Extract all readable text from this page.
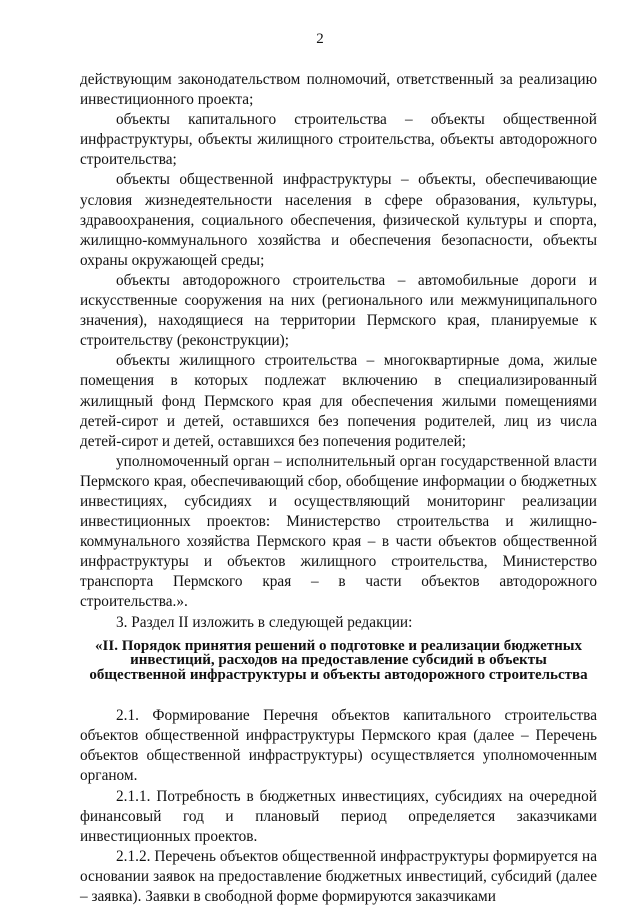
2

действующим законодательством полномочий, ответственный за реализацию инвестиционного проекта;

объекты капитального строительства – объекты общественной инфраструктуры, объекты жилищного строительства, объекты автодорожного строительства;

объекты общественной инфраструктуры – объекты, обеспечивающие условия жизнедеятельности населения в сфере образования, культуры, здравоохранения, социального обеспечения, физической культуры и спорта, жилищно-коммунального хозяйства и обеспечения безопасности, объекты охраны окружающей среды;

объекты автодорожного строительства – автомобильные дороги и искусственные сооружения на них (регионального или межмуниципального значения), находящиеся на территории Пермского края, планируемые к строительству (реконструкции);

объекты жилищного строительства – многоквартирные дома, жилые помещения в которых подлежат включению в специализированный жилищный фонд Пермского края для обеспечения жилыми помещениями детей-сирот и детей, оставшихся без попечения родителей, лиц из числа детей-сирот и детей, оставшихся без попечения родителей;

уполномоченный орган – исполнительный орган государственной власти Пермского края, обеспечивающий сбор, обобщение информации о бюджетных инвестициях, субсидиях и осуществляющий мониторинг реализации инвестиционных проектов: Министерство строительства и жилищно-коммунального хозяйства Пермского края – в части объектов общественной инфраструктуры и объектов жилищного строительства, Министерство транспорта Пермского края – в части объектов автодорожного строительства.».

3. Раздел II изложить в следующей редакции:

«II. Порядок принятия решений о подготовке и реализации бюджетных инвестиций, расходов на предоставление субсидий в объекты общественной инфраструктуры и объекты автодорожного строительства

2.1. Формирование Перечня объектов капитального строительства объектов общественной инфраструктуры Пермского края (далее – Перечень объектов общественной инфраструктуры) осуществляется уполномоченным органом.

2.1.1. Потребность в бюджетных инвестициях, субсидиях на очередной финансовый год и плановый период определяется заказчиками инвестиционных проектов.

2.1.2. Перечень объектов общественной инфраструктуры формируется на основании заявок на предоставление бюджетных инвестиций, субсидий (далее – заявка). Заявки в свободной форме формируются заказчиками
